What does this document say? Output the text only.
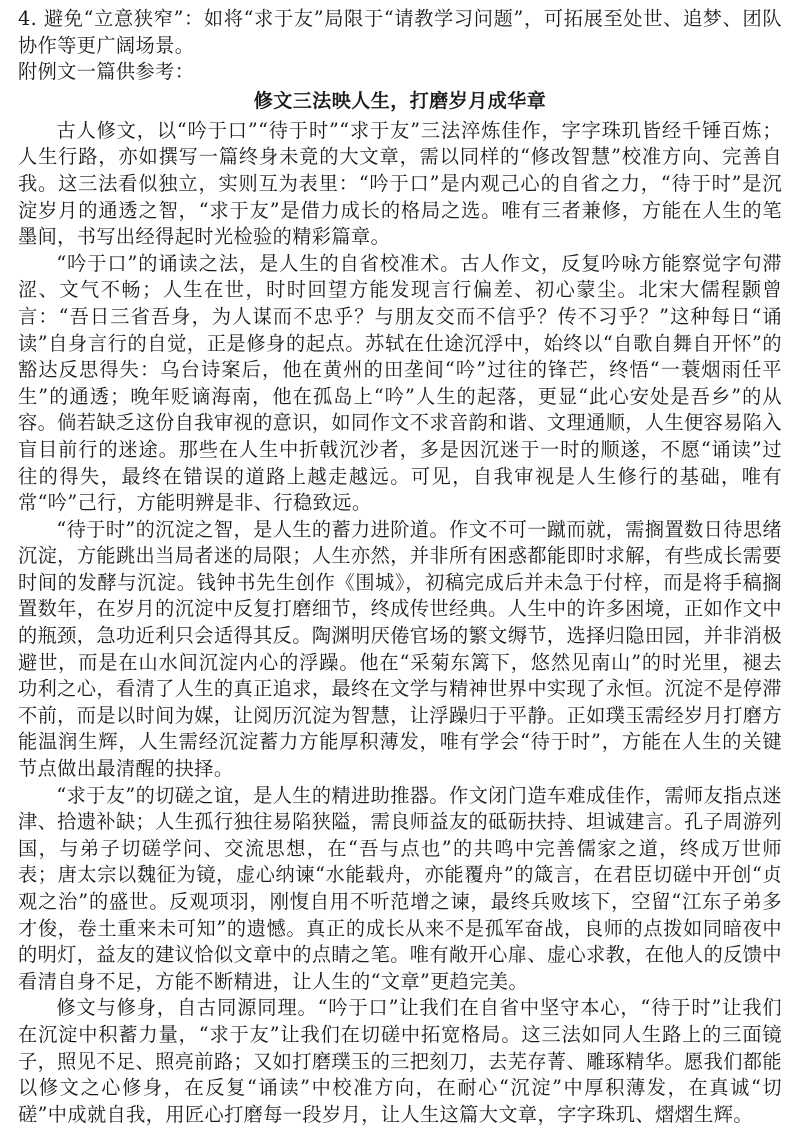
4. 避免“立意狭窄”：如将“求于友”局限于“请教学习问题”，可拓展至处世、追梦、团队协作等更广阔场景。

附例文一篇供参考：

修文三法映人生，打磨岁月成华章

古人修文，以“吟于口”“待于时”“求于友”三法淬炼佳作，字字珠玑皆经千锤百炼；人生行路，亦如撰写一篇终身未竟的大文章，需以同样的“修改智慧”校准方向、完善自我。这三法看似独立，实则互为表里：“吟于口”是内观己心的自省之力，“待于时”是沉淀岁月的通透之智，“求于友”是借力成长的格局之选。唯有三者兼修，方能在人生的笔墨间，书写出经得起时光检验的精彩篇章。

“吟于口”的诵读之法，是人生的自省校准术。古人作文，反复吟咏方能察觉字句滞涩、文气不畅；人生在世，时时回望方能发现言行偏差、初心蒙尘。北宋大儒程颢曾言：“吾日三省吾身，为人谋而不忠乎？与朋友交而不信乎？传不习乎？”这种每日“诵读”自身言行的自觉，正是修身的起点。苏轼在仕途沉浮中，始终以“自歌自舞自开怀”的豁达反思得失：乌台诗案后，他在黄州的田垄间“吟”过往的锋芒，终悟“一蓑烟雨任平生”的通透；晚年贬谪海南，他在孤岛上“吟”人生的起落，更显“此心安处是吾乡”的从容。倘若缺乏这份自我审视的意识，如同作文不求音韵和谐、文理通顺，人生便容易陷入盲目前行的迷途。那些在人生中折戟沉沙者，多是因沉迷于一时的顺遂，不愿“诵读”过往的得失，最终在错误的道路上越走越远。可见，自我审视是人生修行的基础，唯有常“吟”己行，方能明辨是非、行稳致远。

“待于时”的沉淀之智，是人生的蓄力进阶道。作文不可一蹴而就，需搁置数日待思绪沉淀，方能跳出当局者迷的局限；人生亦然，并非所有困惑都能即时求解，有些成长需要时间的发酵与沉淀。钱钟书先生创作《围城》，初稿完成后并未急于付梓，而是将手稿搁置数年，在岁月的沉淀中反复打磨细节，终成传世经典。人生中的许多困境，正如作文中的瓶颈，急功近利只会适得其反。陶渊明厌倦官场的繁文缛节，选择归隐田园，并非消极避世，而是在山水间沉淀内心的浮躁。他在“采菊东篱下，悠然见南山”的时光里，褪去功利之心，看清了人生的真正追求，最终在文学与精神世界中实现了永恒。沉淀不是停滞不前，而是以时间为媒，让阅历沉淀为智慧，让浮躁归于平静。正如璞玉需经岁月打磨方能温润生辉，人生需经沉淀蓄力方能厚积薄发，唯有学会“待于时”，方能在人生的关键节点做出最清醒的抉择。

“求于友”的切磋之谊，是人生的精进助推器。作文闭门造车难成佳作，需师友指点迷津、拾遗补缺；人生孤行独往易陷狭隘，需良师益友的砥砺扶持、坦诚建言。孔子周游列国，与弟子切磋学问、交流思想，在“吾与点也”的共鸣中完善儒家之道，终成万世师表；唐太宗以魏征为镜，虚心纳谏“水能载舟，亦能覆舟”的箴言，在君臣切磋中开创“贞观之治”的盛世。反观项羽，刚愎自用不听范增之谏，最终兵败垓下，空留“江东子弟多才俊，卷土重来未可知”的遗憾。真正的成长从来不是孤军奋战，良师的点拨如同暗夜中的明灯，益友的建议恰似文章中的点睛之笔。唯有敞开心扉、虚心求教，在他人的反馈中看清自身不足，方能不断精进，让人生的“文章”更趋完美。

修文与修身，自古同源同理。“吟于口”让我们在自省中坚守本心，“待于时”让我们在沉淀中积蓄力量，“求于友”让我们在切磋中拓宽格局。这三法如同人生路上的三面镜子，照见不足、照亮前路；又如打磨璞玉的三把刻刀，去芜存菁、雕琢精华。愿我们都能以修文之心修身，在反复“诵读”中校准方向，在耐心“沉淀”中厚积薄发，在真诚“切磋”中成就自我，用匠心打磨每一段岁月，让人生这篇大文章，字字珠玑、熠熠生辉。
